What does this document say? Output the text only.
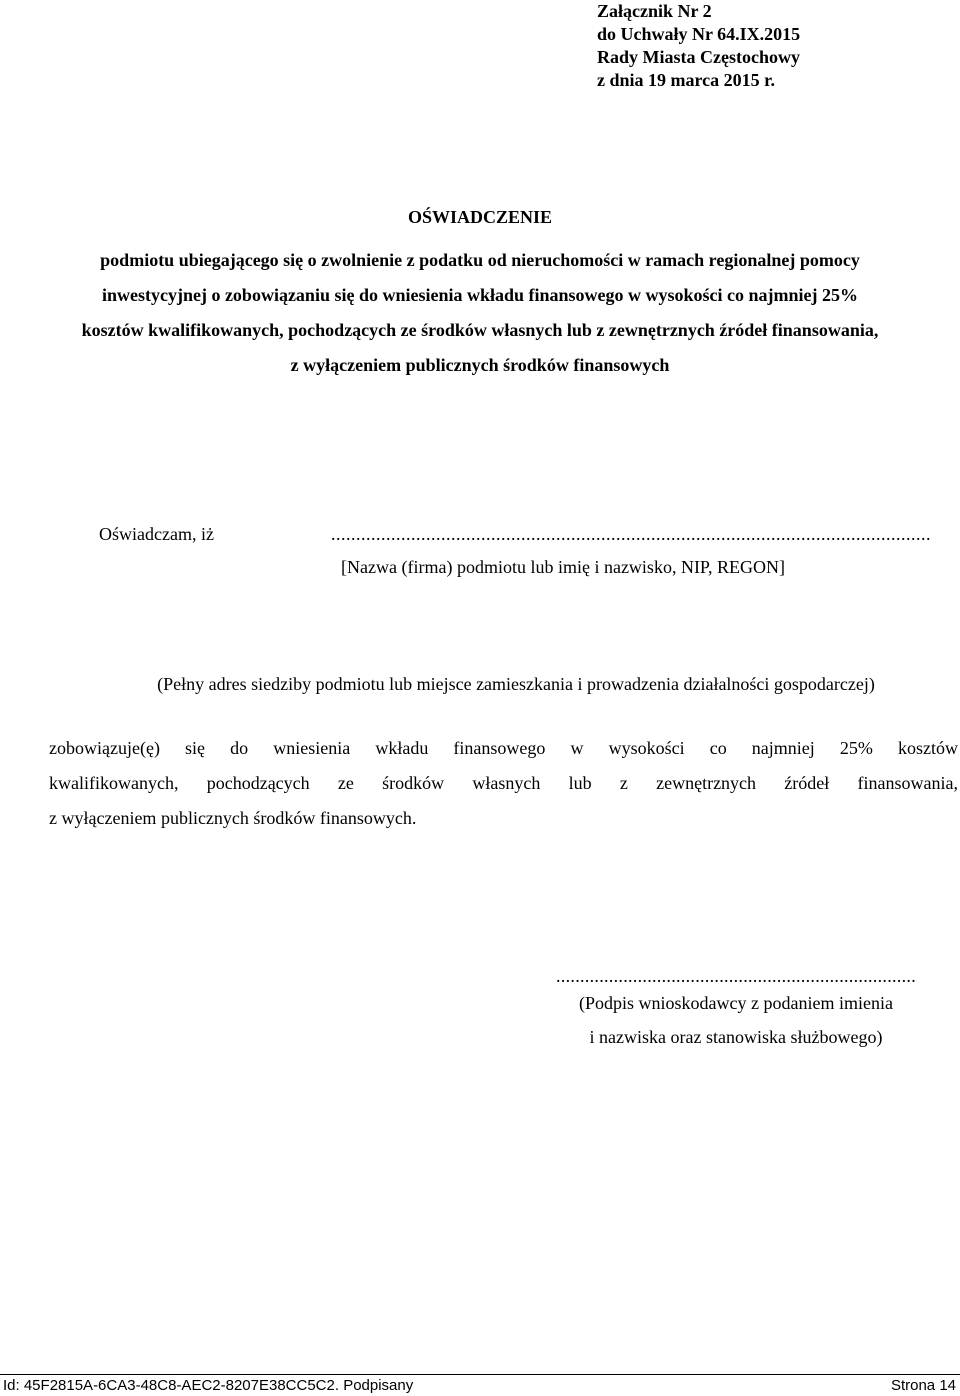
Załącznik Nr 2
do Uchwały Nr 64.IX.2015
Rady Miasta Częstochowy
z dnia 19 marca 2015 r.
OŚWIADCZENIE
podmiotu ubiegającego się o zwolnienie z podatku od nieruchomości w ramach regionalnej pomocy
inwestycyjnej o zobowiązaniu się do wniesienia wkładu finansowego w wysokości co najmniej 25%
kosztów kwalifikowanych, pochodzących ze środków własnych lub z zewnętrznych źródeł finansowania,
z wyłączeniem publicznych środków finansowych
Oświadczam, iż	........................................................................................................................
[Nazwa (firma) podmiotu lub imię i nazwisko, NIP, REGON]
(Pełny adres siedziby podmiotu lub miejsce zamieszkania i prowadzenia działalności gospodarczej)
zobowiązuje(ę) się do wniesienia wkładu finansowego w wysokości co najmniej 25% kosztów
kwalifikowanych, pochodzących ze środków własnych lub z zewnętrznych źródeł finansowania,
z wyłączeniem publicznych środków finansowych.
...........................................................................
(Podpis wnioskodawcy z podaniem imienia
i nazwiska oraz stanowiska służbowego)
Id: 45F2815A-6CA3-48C8-AEC2-8207E38CC5C2. Podpisany	Strona 14
